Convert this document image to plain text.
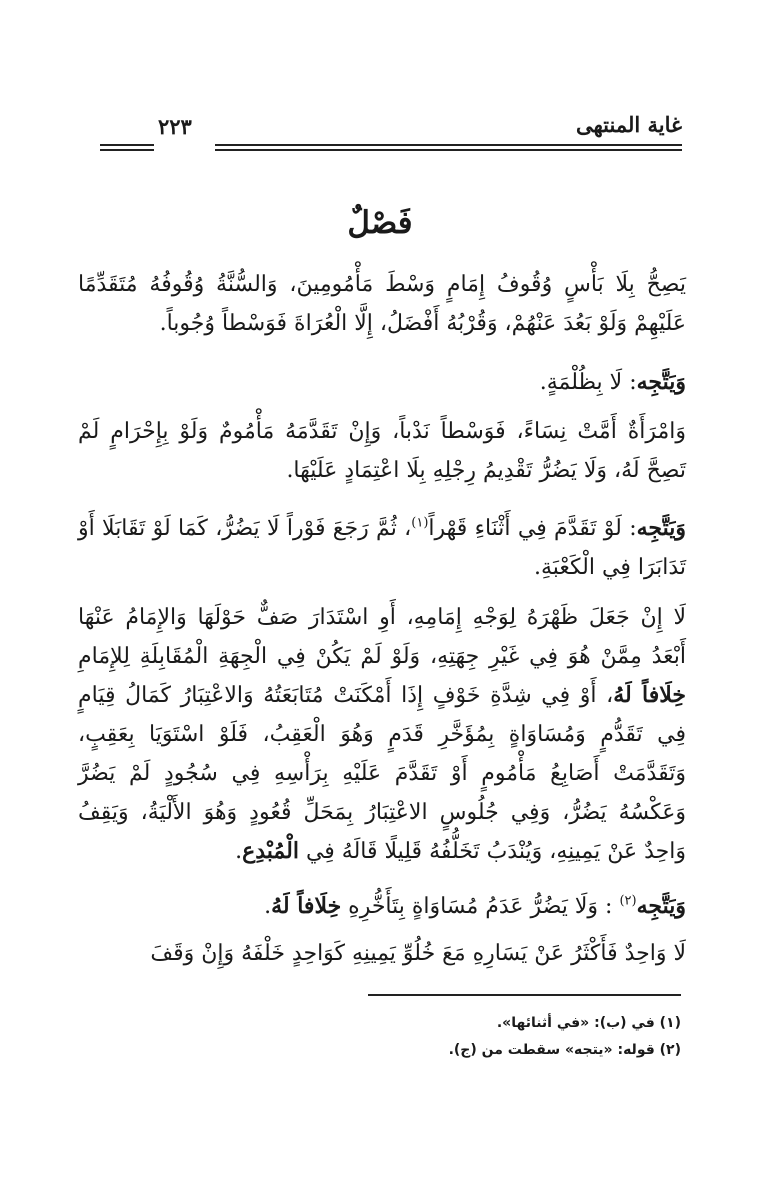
غاية المنتهى
٢٢٣
فَصْلٌ
يَصِحُّ بِلَا بَأْسٍ وُقُوفُ إِمَامٍ وَسْطَ مَأْمُومِينَ، وَالسُّنَّةُ وُقُوفُهُ مُتَقَدِّمًا عَلَيْهِمْ وَلَوْ بَعُدَ عَنْهُمْ، وَقُرْبُهُ أَفْضَلُ، إِلَّا الْعُرَاةَ فَوَسْطاً وُجُوباً.
وَيَتَّجِه: لَا بِظُلْمَةٍ.
وَامْرَأَةٌ أَمَّتْ نِسَاءً، فَوَسْطاً نَدْباً، وَإِنْ تَقَدَّمَهُ مَأْمُومٌ وَلَوْ بِإِحْرَامٍ لَمْ تَصِحَّ لَهُ، وَلَا يَضُرُّ تَقْدِيمُ رِجْلِهِ بِلَا اعْتِمَادٍ عَلَيْهَا.
وَيَتَّجِه: لَوْ تَقَدَّمَ فِي أَثْنَاءِ قَهْراً$^{(١)}$، ثُمَّ رَجَعَ فَوْراً لَا يَضُرُّ، كَمَا لَوْ تَقَابَلَا أَوْ تَدَابَرَا فِي الْكَعْبَةِ.
لَا إِنْ جَعَلَ ظَهْرَهُ لِوَجْهِ إِمَامِهِ، أَوِ اسْتَدَارَ صَفٌّ حَوْلَهَا وَالإِمَامُ عَنْهَا أَبْعَدُ مِمَّنْ هُوَ فِي غَيْرِ جِهَتِهِ، وَلَوْ لَمْ يَكُنْ فِي الْجِهَةِ الْمُقَابِلَةِ لِلإِمَامِ خِلَافاً لَهُ، أَوْ فِي شِدَّةِ خَوْفٍ إِذَا أَمْكَنَتْ مُتَابَعَتُهُ وَالاعْتِبَارُ كَمَالُ قِيَامٍ فِي تَقَدُّمٍ وَمُسَاوَاةٍ بِمُؤَخَّرِ قَدَمٍ وَهُوَ الْعَقِبُ، فَلَوْ اسْتَوَيَا بِعَقِبٍ، وَتَقَدَّمَتْ أَصَابِعُ مَأْمُومٍ أَوْ تَقَدَّمَ عَلَيْهِ بِرَأْسِهِ فِي سُجُودٍ لَمْ يَضُرَّ وَعَكْسُهُ يَضُرُّ، وَفِي جُلُوسٍ الاعْتِبَارُ بِمَحَلِّ قُعُودٍ وَهُوَ الأَلْيَةُ، وَيَقِفُ وَاحِدٌ عَنْ يَمِينِهِ، وَيُنْدَبُ تَخَلُّفُهُ قَلِيلًا قَالَهُ فِي الْمُبْدِع.
وَيَتَّجِه$^{(٢)}$ : وَلَا يَضُرُّ عَدَمُ مُسَاوَاةٍ بِتَأَخُّرِهِ خِلَافاً لَهُ.
لَا وَاحِدٌ فَأَكْثَرُ عَنْ يَسَارِهِ مَعَ خُلُوِّ يَمِينِهِ كَوَاحِدٍ خَلْفَهُ وَإِنْ وَقَفَ
(١) في (ب): «في أثنائها».
(٢) قوله: «يتجه» سقطت من (ج).
